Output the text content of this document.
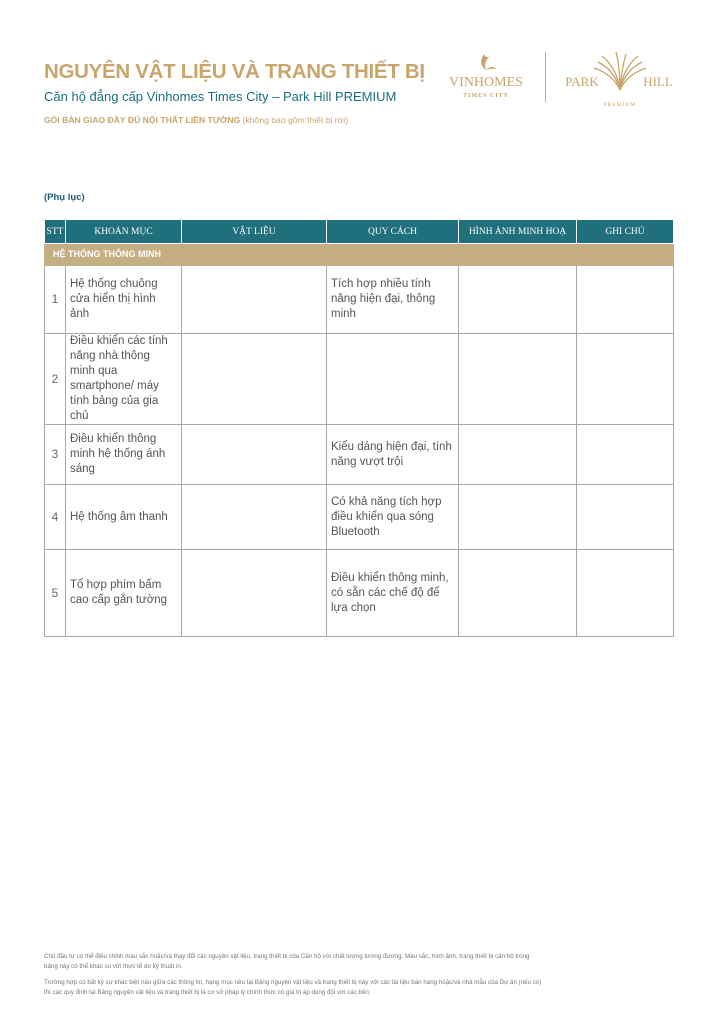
NGUYÊN VẬT LIỆU VÀ TRANG THIẾT BỊ
Căn hộ đẳng cấp Vinhomes Times City – Park Hill PREMIUM
GÓI BÀN GIAO ĐẦY ĐỦ NỘI THẤT LIỀN TƯỜNG (không bao gồm thiết bị rời)
VINHOMES
TIMES CITY
PARK	HILL
PREMIUM
(Phụ lục)
STT	KHOẢN MỤC	VẬT LIỆU	QUY CÁCH	HÌNH ẢNH MINH HOẠ	GHI CHÚ
HỆ THỐNG THÔNG MINH					
1	Hệ thống chuông cửa hiển thị hình ảnh		Tích hợp nhiều tính năng hiện đại, thông minh		
2	Điều khiển các tính năng nhà thông minh qua smartphone/ máy tính bảng của gia chủ				
3	Điều khiển thông minh hệ thống ánh sáng		Kiểu dáng hiện đại, tính năng vượt trội		
4	Hệ thống âm thanh		Có khả năng tích hợp điều khiển qua sóng Bluetooth		
5	Tổ hợp phím bấm cao cấp gắn tường		Điều khiển thông minh, có sẵn các chế độ để lựa chọn		

Chủ đầu tư có thể điều chỉnh màu sắc hoặc/và thay đổi các nguyên vật liệu, trang thiết bị của Căn hộ với chất lượng tương đương. Màu sắc, hình ảnh, trang thiết bị căn hộ trong bảng này có thể khác so với thực tế do kỹ thuật in.

Trường hợp có bất kỳ sự khác biệt nào giữa các thông tin, hạng mục nêu tại Bảng nguyên vật liệu và trang thiết bị này với các tài liệu bán hàng hoặc/và nhà mẫu của Dự án (nếu có) thì các quy định tại Bảng nguyên vật liệu và trang thiết bị là cơ sở pháp lý chính thức có giá trị áp dụng đối với các bên.
